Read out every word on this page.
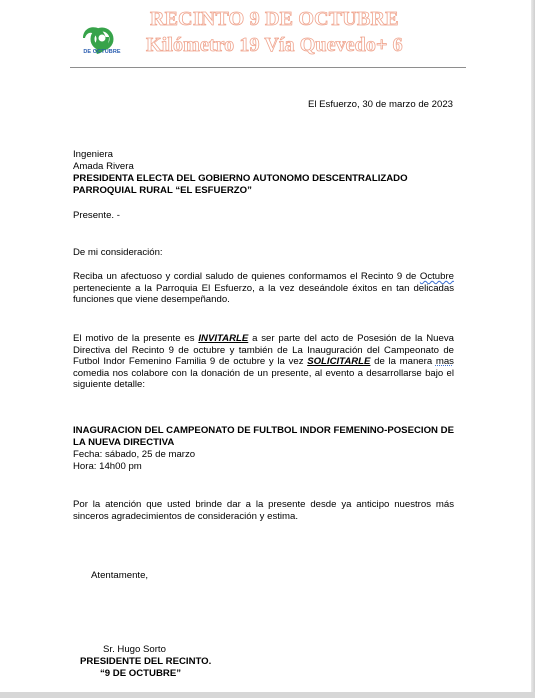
DE OCTUBRE
RECINTO 9 DE OCTUBRE
Kilómetro 19 Vía Quevedo+ 6
El Esfuerzo, 30 de marzo de 2023
Ingeniera
Amada Rivera
PRESIDENTA ELECTA DEL GOBIERNO AUTONOMO DESCENTRALIZADO
PARROQUIAL RURAL “EL ESFUERZO”
Presente. -
De mi consideración:
Reciba un afectuoso y cordial saludo de quienes conformamos el Recinto 9 de Octubre perteneciente a la Parroquia El Esfuerzo, a la vez deseándole éxitos en tan delicadas funciones que viene desempeñando.
El motivo de la presente es INVITARLE a ser parte del acto de Posesión de la Nueva Directiva del Recinto 9 de octubre y también de La Inauguración del Campeonato de Futbol Indor Femenino Familia 9 de octubre y la vez SOLICITARLE de la manera mas comedia nos colabore con la donación de un presente, al evento a desarrollarse bajo el siguiente detalle:
INAGURACION DEL CAMPEONATO DE FULTBOL INDOR FEMENINO-POSECION DE LA NUEVA DIRECTIVA
Fecha: sábado, 25 de marzo
Hora: 14h00 pm
Por la atención que usted brinde dar a la presente desde ya anticipo nuestros más sinceros agradecimientos de consideración y estima.
Atentamente,
Sr. Hugo Sorto
PRESIDENTE DEL RECINTO.
“9 DE OCTUBRE”
